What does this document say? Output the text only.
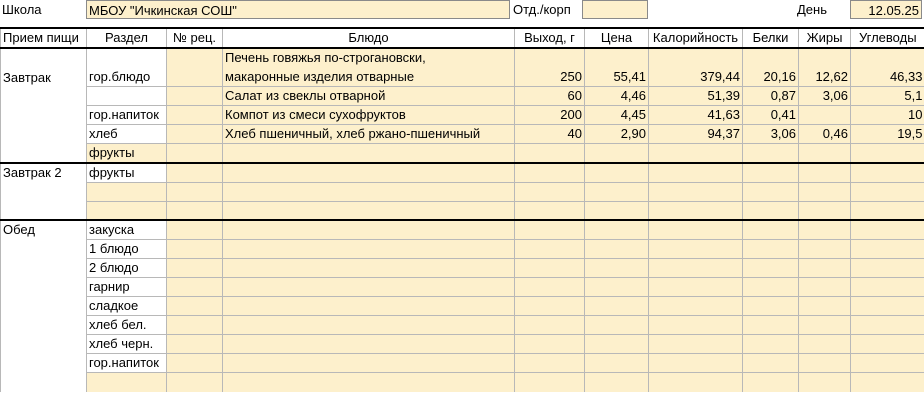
Школа	МБОУ "Ичкинская СОШ"	Отд./корп	День	12.05.25
Прием пищи	Раздел	№ рец.	Блюдо	Выход, г	Цена	Калорийность	Белки	Жиры	Углеводы
Завтрак	гор.блюдо		Печень говяжья по-строгановски,	250	55,41	379,44	20,16	12,62	46,33
			макаронные изделия отварные						
			Салат из свеклы отварной	60	4,46	51,39	0,87	3,06	5,1
	гор.напиток		Компот из смеси сухофруктов	200	4,45	41,63	0,41		10
	хлеб		Хлеб пшеничный, хлеб ржано-пшеничный	40	2,90	94,37	3,06	0,46	19,5
	фрукты								
Завтрак 2	фрукты								

Обед	закуска								
	1 блюдо								
	2 блюдо								
	гарнир								
	сладкое								
	хлеб бел.								
	хлеб черн.								
	гор.напиток								
